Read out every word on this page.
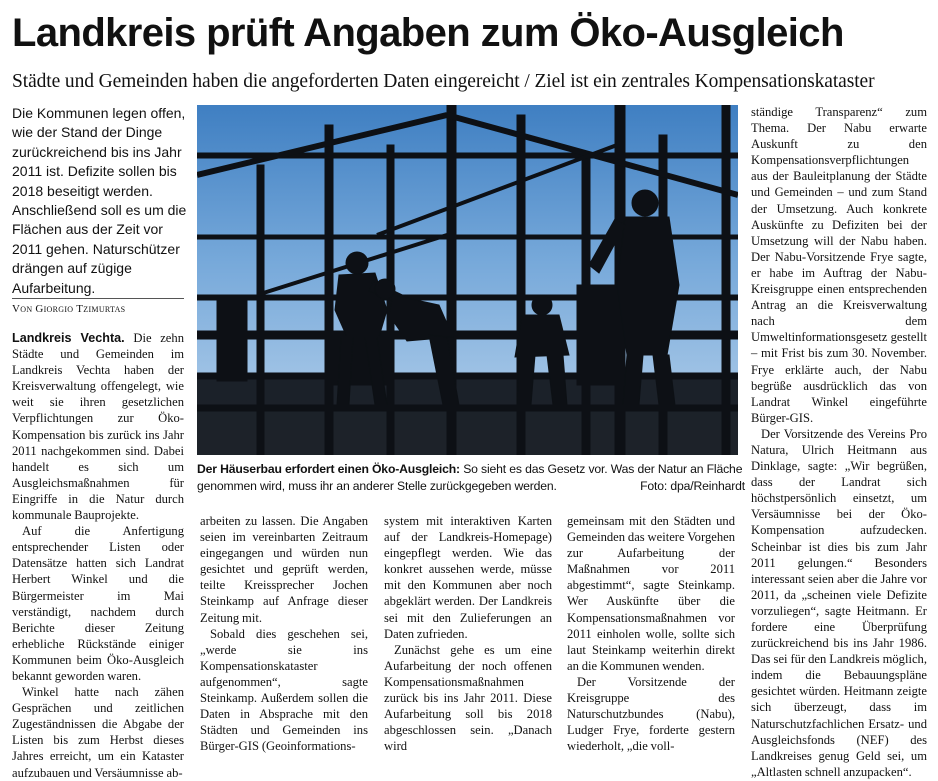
Landkreis prüft Angaben zum Öko-Ausgleich

Städte und Gemeinden haben die angeforderten Daten eingereicht / Ziel ist ein zentrales Kompensationskataster

Die Kommunen legen offen, wie der Stand der Dinge zurückreichend bis ins Jahr 2011 ist. Defizite sollen bis 2018 beseitigt werden. Anschließend soll es um die Flächen aus der Zeit vor 2011 gehen. Naturschützer drängen auf zügige Aufarbeitung.

Von Giorgio Tzimurtas

Landkreis Vechta. Die zehn Städte und Gemeinden im Landkreis Vechta haben der Kreisverwaltung offengelegt, wie weit sie ihren gesetzlichen Verpflichtungen zur Öko-Kompensation bis zurück ins Jahr 2011 nachgekommen sind. Dabei handelt es sich um Ausgleichsmaßnahmen für Eingriffe in die Natur durch kommunale Bauprojekte.

Auf die Anfertigung entsprechender Listen oder Datensätze hatten sich Landrat Herbert Winkel und die Bürgermeister im Mai verständigt, nachdem durch Berichte dieser Zeitung erhebliche Rückstände einiger Kommunen beim Öko-Ausgleich bekannt geworden waren.

Winkel hatte nach zähen Gesprächen und zeitlichen Zugeständnissen die Abgabe der Listen bis zum Herbst dieses Jahres erreicht, um ein Kataster aufzubauen und Versäumnisse ab-

Der Häuserbau erfordert einen Öko-Ausgleich: So sieht es das Gesetz vor. Was der Natur an Fläche genommen wird, muss ihr an anderer Stelle zurückgegeben werden.	Foto: dpa/Reinhardt

arbeiten zu lassen. Die Angaben seien im vereinbarten Zeitraum eingegangen und würden nun gesichtet und geprüft werden, teilte Kreissprecher Jochen Steinkamp auf Anfrage dieser Zeitung mit.

Sobald dies geschehen sei, „werde sie ins Kompensationskataster aufgenommen“, sagte Steinkamp. Außerdem sollen die Daten in Absprache mit den Städten und Gemeinden ins Bürger-GIS (Geoinformations-

system mit interaktiven Karten auf der Landkreis-Homepage) eingepflegt werden. Wie das konkret aussehen werde, müsse mit den Kommunen aber noch abgeklärt werden. Der Landkreis sei mit den Zulieferungen an Daten zufrieden.

Zunächst gehe es um eine Aufarbeitung der noch offenen Kompensationsmaßnahmen zurück bis ins Jahr 2011. Diese Aufarbeitung soll bis 2018 abgeschlossen sein. „Danach wird

gemeinsam mit den Städten und Gemeinden das weitere Vorgehen zur Aufarbeitung der Maßnahmen vor 2011 abgestimmt“, sagte Steinkamp. Wer Auskünfte über die Kompensationsmaßnahmen vor 2011 einholen wolle, sollte sich laut Steinkamp weiterhin direkt an die Kommunen wenden.

Der Vorsitzende der Kreisgruppe des Naturschutzbundes (Nabu), Ludger Frye, forderte gestern wiederholt, „die voll-

ständige Transparenz“ zum Thema. Der Nabu erwarte Auskunft zu den Kompensationsverpflichtungen aus der Bauleitplanung der Städte und Gemeinden – und zum Stand der Umsetzung. Auch konkrete Auskünfte zu Defiziten bei der Umsetzung will der Nabu haben. Der Nabu-Vorsitzende Frye sagte, er habe im Auftrag der Nabu-Kreisgruppe einen entsprechenden Antrag an die Kreisverwaltung nach dem Umweltinformationsgesetz gestellt – mit Frist bis zum 30. November. Frye erklärte auch, der Nabu begrüße ausdrücklich das von Landrat Winkel eingeführte Bürger-GIS.

Der Vorsitzende des Vereins Pro Natura, Ulrich Heitmann aus Dinklage, sagte: „Wir begrüßen, dass der Landrat sich höchstpersönlich einsetzt, um Versäumnisse bei der Öko-Kompensation aufzudecken. Scheinbar ist dies bis zum Jahr 2011 gelungen.“ Besonders interessant seien aber die Jahre vor 2011, da „scheinen viele Defizite vorzuliegen“, sagte Heitmann. Er fordere eine Überprüfung zurückreichend bis ins Jahr 1986. Das sei für den Landkreis möglich, indem die Bebauungspläne gesichtet würden. Heitmann zeigte sich überzeugt, dass im Naturschutzfachlichen Ersatz- und Ausgleichsfonds (NEF) des Landkreises genug Geld sei, um „Altlasten schnell anzupacken“.
